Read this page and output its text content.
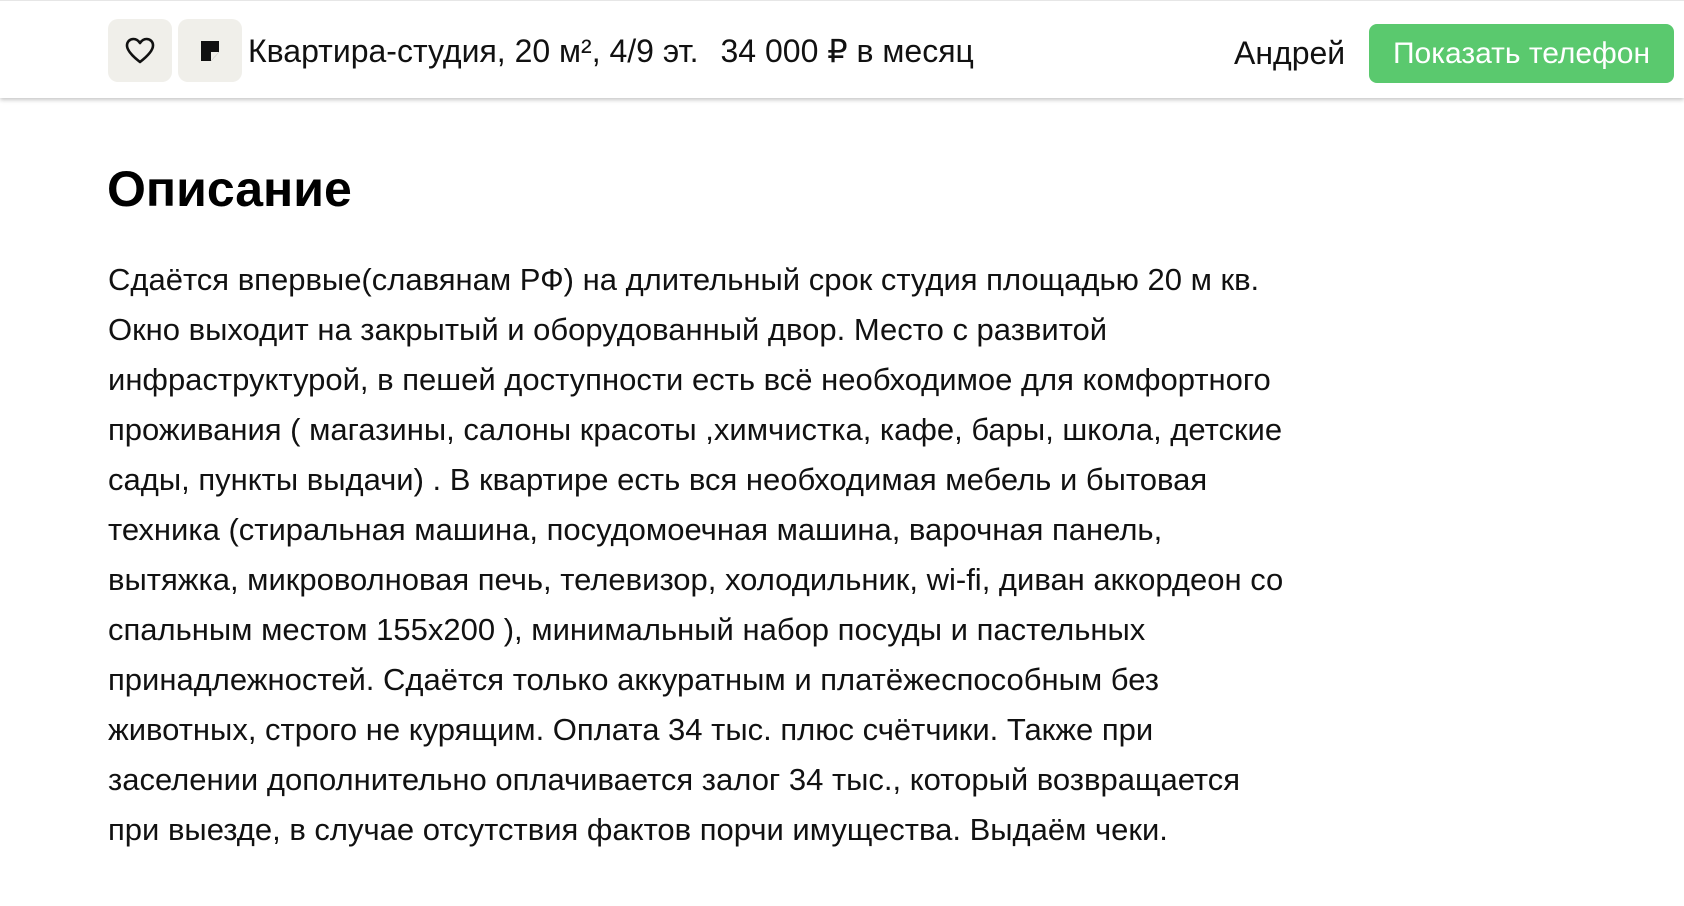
Квартира-студия, 20 м², 4/9 эт. 34 000 ₽ в месяц	Андрей	Показать телефон
Описание
Сдаётся впервые(славянам РФ) на длительный срок студия площадью 20 м кв.
Окно выходит на закрытый и оборудованный двор. Место с развитой
инфраструктурой, в пешей доступности есть всё необходимое для комфортного
проживания ( магазины, салоны красоты ,химчистка, кафе, бары, школа, детские
сады, пункты выдачи) . В квартире есть вся необходимая мебель и бытовая
техника (стиральная машина, посудомоечная машина, варочная панель,
вытяжка, микроволновая печь, телевизор, холодильник, wi-fi, диван аккордеон со
спальным местом 155х200 ), минимальный набор посуды и пастельных
принадлежностей. Сдаётся только аккуратным и платёжеспособным без
животных, строго не курящим. Оплата 34 тыс. плюс счётчики. Также при
заселении дополнительно оплачивается залог 34 тыс., который возвращается
при выезде, в случае отсутствия фактов порчи имущества. Выдаём чеки.
